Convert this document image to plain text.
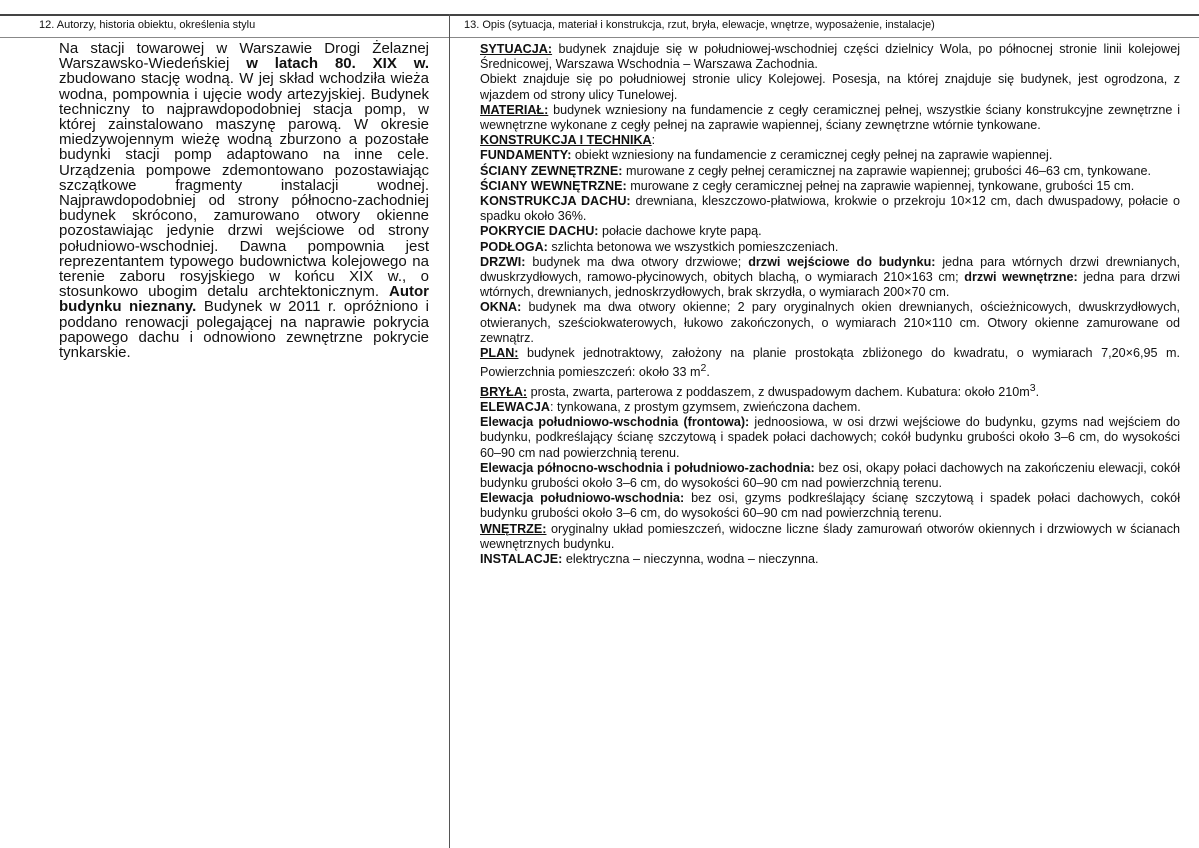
12. Autorzy, historia obiektu, określenia stylu	13. Opis (sytuacja, materiał i konstrukcja, rzut, bryła, elewacje, wnętrze, wyposażenie, instalacje)

Na stacji towarowej w Warszawie Drogi Żelaznej Warszawsko-Wiedeńskiej w latach 80. XIX w. zbudowano stację wodną. W jej skład wchodziła wieża wodna, pompownia i ujęcie wody artezyjskiej. Budynek techniczny to najprawdopodobniej stacja pomp, w której zainstalowano maszynę parową. W okresie miedzywojennym wieżę wodną zburzono a pozostałe budynki stacji pomp adaptowano na inne cele. Urządzenia pompowe zdemontowano pozostawiając szczątkowe fragmenty instalacji wodnej. Najprawdopodobniej od strony północno-zachodniej budynek skrócono, zamurowano otwory okienne pozostawiając jedynie drzwi wejściowe od strony południowo-wschodniej. Dawna pompownia jest reprezentantem typowego budownictwa kolejowego na terenie zaboru rosyjskiego w końcu XIX w., o stosunkowo ubogim detalu archtektonicznym. Autor budynku nieznany. Budynek w 2011 r. opróżniono i poddano renowacji polegającej na naprawie pokrycia papowego dachu i odnowiono zewnętrzne pokrycie tynkarskie.

SYTUACJA: budynek znajduje się w południowej-wschodniej części dzielnicy Wola, po północnej stronie linii kolejowej Średnicowej, Warszawa Wschodnia – Warszawa Zachodnia.

Obiekt znajduje się po południowej stronie ulicy Kolejowej. Posesja, na której znajduje się budynek, jest ogrodzona, z wjazdem od strony ulicy Tunelowej.

MATERIAŁ: budynek wzniesiony na fundamencie z cegły ceramicznej pełnej, wszystkie ściany konstrukcyjne zewnętrzne i wewnętrzne wykonane z cegły pełnej na zaprawie wapiennej, ściany zewnętrzne wtórnie tynkowane.

KONSTRUKCJA I TECHNIKA:

FUNDAMENTY: obiekt wzniesiony na fundamencie z ceramicznej cegły pełnej na zaprawie wapiennej.

ŚCIANY ZEWNĘTRZNE: murowane z cegły pełnej ceramicznej na zaprawie wapiennej; grubości 46–63 cm, tynkowane.

ŚCIANY WEWNĘTRZNE: murowane z cegły ceramicznej pełnej na zaprawie wapiennej, tynkowane, grubości 15 cm.

KONSTRUKCJA DACHU: drewniana, kleszczowo-płatwiowa, krokwie o przekroju 10×12 cm, dach dwuspadowy, połacie o spadku około 36%.

POKRYCIE DACHU: połacie dachowe kryte papą.

PODŁOGA: szlichta betonowa we wszystkich pomieszczeniach.

DRZWI: budynek ma dwa otwory drzwiowe; drzwi wejściowe do budynku: jedna para wtórnych drzwi drewnianych, dwuskrzydłowych, ramowo-płycinowych, obitych blachą, o wymiarach 210×163 cm; drzwi wewnętrzne: jedna para drzwi wtórnych, drewnianych, jednoskrzydłowych, brak skrzydła, o wymiarach 200×70 cm.

OKNA: budynek ma dwa otwory okienne; 2 pary oryginalnych okien drewnianych, ościeżnicowych, dwuskrzydłowych, otwieranych, sześciokwaterowych, łukowo zakończonych, o wymiarach 210×110 cm. Otwory okienne zamurowane od zewnątrz.

PLAN: budynek jednotraktowy, założony na planie prostokąta zbliżonego do kwadratu, o wymiarach 7,20×6,95 m. Powierzchnia pomieszczeń: około 33 $m^2$.

BRYŁA: prosta, zwarta, parterowa z poddaszem, z dwuspadowym dachem. Kubatura: około $210m^3$.

ELEWACJA: tynkowana, z prostym gzymsem, zwieńczona dachem.

Elewacja południowo-wschodnia (frontowa): jednoosiowa, w osi drzwi wejściowe do budynku, gzyms nad wejściem do budynku, podkreślający ścianę szczytową i spadek połaci dachowych; cokół budynku grubości około 3–6 cm, do wysokości 60–90 cm nad powierzchnią terenu.

Elewacja północno-wschodnia i południowo-zachodnia: bez osi, okapy połaci dachowych na zakończeniu elewacji, cokół budynku grubości około 3–6 cm, do wysokości 60–90 cm nad powierzchnią terenu.

Elewacja południowo-wschodnia: bez osi, gzyms podkreślający ścianę szczytową i spadek połaci dachowych, cokół budynku grubości około 3–6 cm, do wysokości 60–90 cm nad powierzchnią terenu.

WNĘTRZE: oryginalny układ pomieszczeń, widoczne liczne ślady zamurowań otworów okiennych i drzwiowych w ścianach wewnętrznych budynku.

INSTALACJE: elektryczna – nieczynna, wodna – nieczynna.
